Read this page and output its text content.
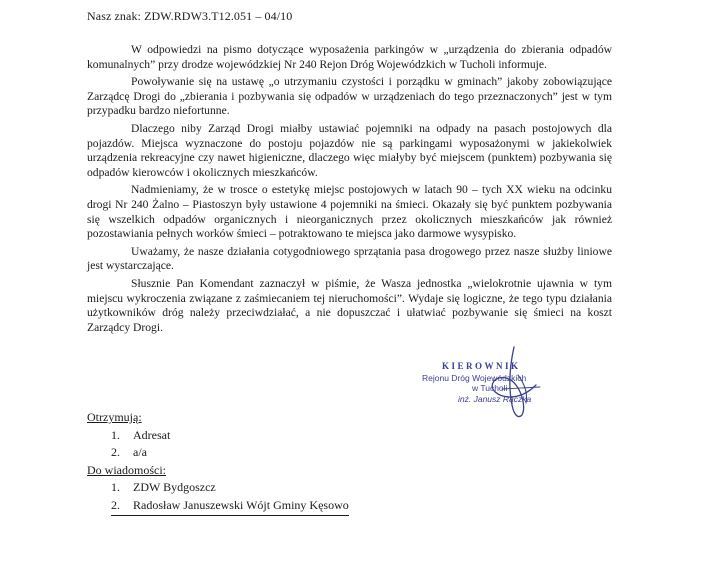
Nasz znak: ZDW.RDW3.T12.051 – 04/10

W odpowiedzi na pismo dotyczące wyposażenia parkingów w „urządzenia do zbierania odpadów komunalnych” przy drodze wojewódzkiej Nr 240 Rejon Dróg Wojewódzkich w Tucholi informuje.

Powoływanie się na ustawę „o utrzymaniu czystości i porządku w gminach” jakoby zobowiązujące Zarządcę Drogi do „zbierania i pozbywania się odpadów w urządzeniach do tego przeznaczonych” jest w tym przypadku bardzo niefortunne.

Dlaczego niby Zarząd Drogi miałby ustawiać pojemniki na odpady na pasach postojowych dla pojazdów. Miejsca wyznaczone do postoju pojazdów nie są parkingami wyposażonymi w jakiekolwiek urządzenia rekreacyjne czy nawet higieniczne, dlaczego więc miałyby być miejscem (punktem) pozbywania się odpadów kierowców i okolicznych mieszkańców.

Nadmieniamy, że w trosce o estetykę miejsc postojowych w latach 90 – tych XX wieku na odcinku drogi Nr 240 Żalno – Piastoszyn były ustawione 4 pojemniki na śmieci. Okazały się być punktem pozbywania się wszelkich odpadów organicznych i nieorganicznych przez okolicznych mieszkańców jak również pozostawiania pełnych worków śmieci – potraktowano te miejsca jako darmowe wysypisko.

Uważamy, że nasze działania cotygodniowego sprzątania pasa drogowego przez nasze służby liniowe jest wystarczające.

Słusznie Pan Komendant zaznaczył w piśmie, że Wasza jednostka „wielokrotnie ujawnia w tym miejscu wykroczenia związane z zaśmiecaniem tej nieruchomości”. Wydaje się logiczne, że tego typu działania użytkowników dróg należy przeciwdziałać, a nie dopuszczać i ułatwiać pozbywanie się śmieci na koszt Zarządcy Drogi.

KIEROWNIK
Rejonu Dróg Wojewódzkich
w Tucholi
inż. Janusz Rączka
Otrzymują:
1. Adresat
2. a/a
Do wiadomości:
1. ZDW Bydgoszcz
2. Radosław Januszewski Wójt Gminy Kęsowo
